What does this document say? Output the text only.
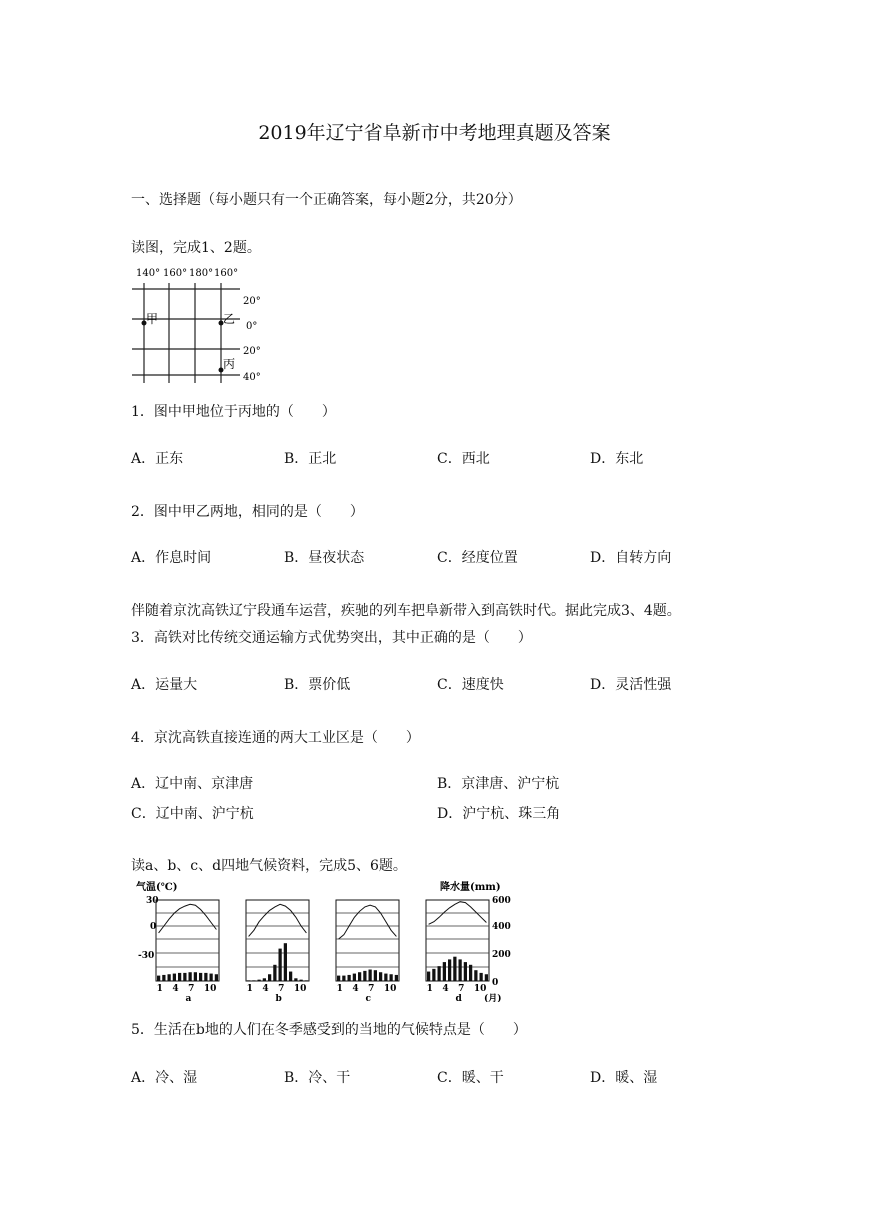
2019年辽宁省阜新市中考地理真题及答案
一、选择题（每小题只有一个正确答案，每小题2分，共20分）
读图，完成1、2题。
140° 160° 180° 160°
甲	乙
丙
20°
0°
20°
40°
1．图中甲地位于丙地的（　　）
A．正东	B．正北	C．西北	D．东北
2．图中甲乙两地，相同的是（　　）
A．作息时间	B．昼夜状态	C．经度位置	D．自转方向
伴随着京沈高铁辽宁段通车运营，疾驰的列车把阜新带入到高铁时代。据此完成3、4题。
3．高铁对比传统交通运输方式优势突出，其中正确的是（　　）
A．运量大	B．票价低	C．速度快	D．灵活性强
4．京沈高铁直接连通的两大工业区是（　　）
A．辽中南、京津唐	B．京津唐、沪宁杭
C．辽中南、沪宁杭	D．沪宁杭、珠三角
读a、b、c、d四地气候资料，完成5、6题。
气温(℃)	降水量(mm)
30
0
-30
600
400
200
0
(月)
1 4 7 10
a
1 4 7 10
b
1 4 7 10
c
1 4 7 10
d
5．生活在b地的人们在冬季感受到的当地的气候特点是（　　）
A．冷、湿	B．冷、干	C．暖、干	D．暖、湿
